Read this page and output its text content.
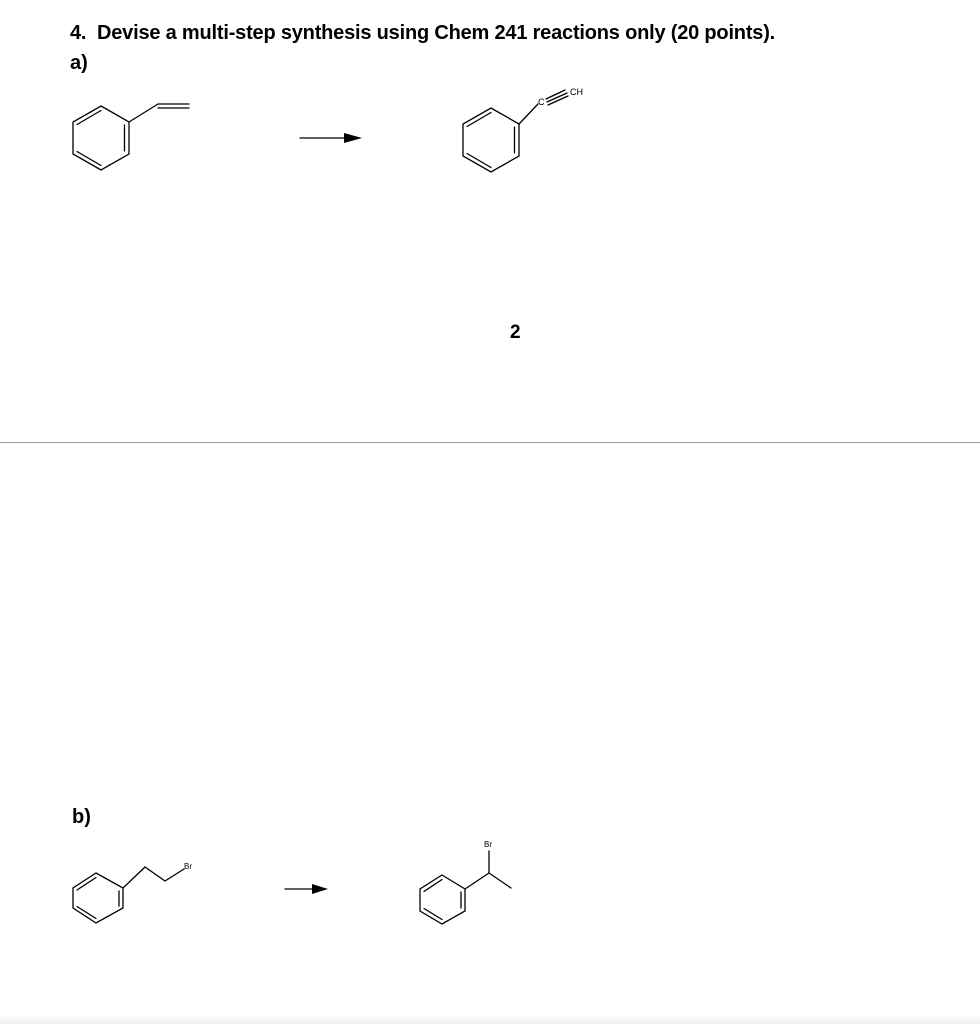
4.  Devise a multi-step synthesis using Chem 241 reactions only (20 points).

a)

C
CH
2

b)

Br
Br
